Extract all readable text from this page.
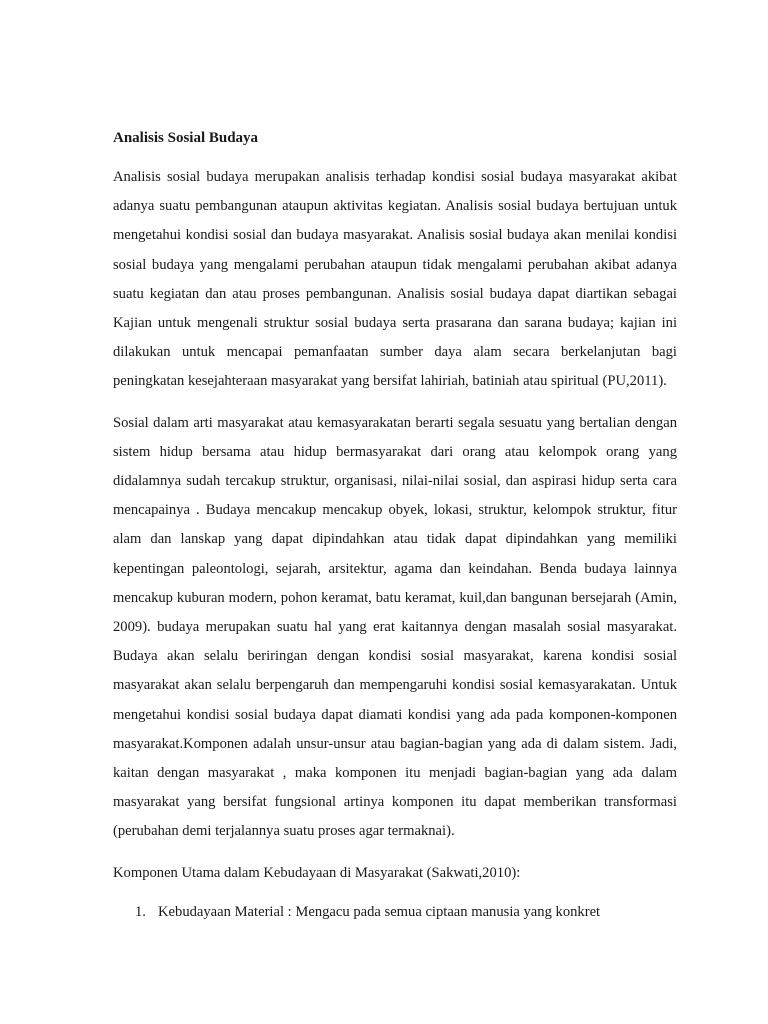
Analisis Sosial Budaya

Analisis sosial budaya merupakan analisis terhadap kondisi sosial budaya masyarakat akibat adanya suatu pembangunan ataupun aktivitas kegiatan. Analisis sosial budaya bertujuan untuk mengetahui kondisi sosial dan budaya masyarakat. Analisis sosial budaya akan menilai kondisi sosial budaya yang mengalami perubahan ataupun tidak mengalami perubahan akibat adanya suatu kegiatan dan atau proses pembangunan. Analisis sosial budaya dapat diartikan sebagai Kajian untuk mengenali struktur sosial budaya serta prasarana dan sarana budaya; kajian ini dilakukan untuk mencapai pemanfaatan sumber daya alam secara berkelanjutan bagi peningkatan kesejahteraan masyarakat yang bersifat lahiriah, batiniah atau spiritual (PU,2011).

Sosial dalam arti masyarakat atau kemasyarakatan berarti segala sesuatu yang bertalian dengan sistem hidup bersama atau hidup bermasyarakat dari orang atau kelompok orang yang didalamnya sudah tercakup struktur, organisasi, nilai-nilai sosial, dan aspirasi hidup serta cara mencapainya . Budaya mencakup mencakup obyek, lokasi, struktur, kelompok struktur, fitur alam dan lanskap yang dapat dipindahkan atau tidak dapat dipindahkan yang memiliki kepentingan paleontologi, sejarah, arsitektur, agama dan keindahan. Benda budaya lainnya mencakup kuburan modern, pohon keramat, batu keramat, kuil,dan bangunan bersejarah (Amin, 2009). budaya merupakan suatu hal yang erat kaitannya dengan masalah sosial masyarakat. Budaya akan selalu beriringan dengan kondisi sosial masyarakat, karena kondisi sosial masyarakat akan selalu berpengaruh dan mempengaruhi kondisi sosial kemasyarakatan. Untuk mengetahui kondisi sosial budaya dapat diamati kondisi yang ada pada komponen-komponen masyarakat.Komponen adalah unsur-unsur atau bagian-bagian yang ada di dalam sistem. Jadi, kaitan dengan masyarakat , maka komponen itu menjadi bagian-bagian yang ada dalam masyarakat yang bersifat fungsional artinya komponen itu dapat memberikan transformasi (perubahan demi terjalannya suatu proses agar termaknai).

Komponen Utama dalam Kebudayaan di Masyarakat (Sakwati,2010):

1. Kebudayaan Material : Mengacu pada semua ciptaan manusia yang konkret
